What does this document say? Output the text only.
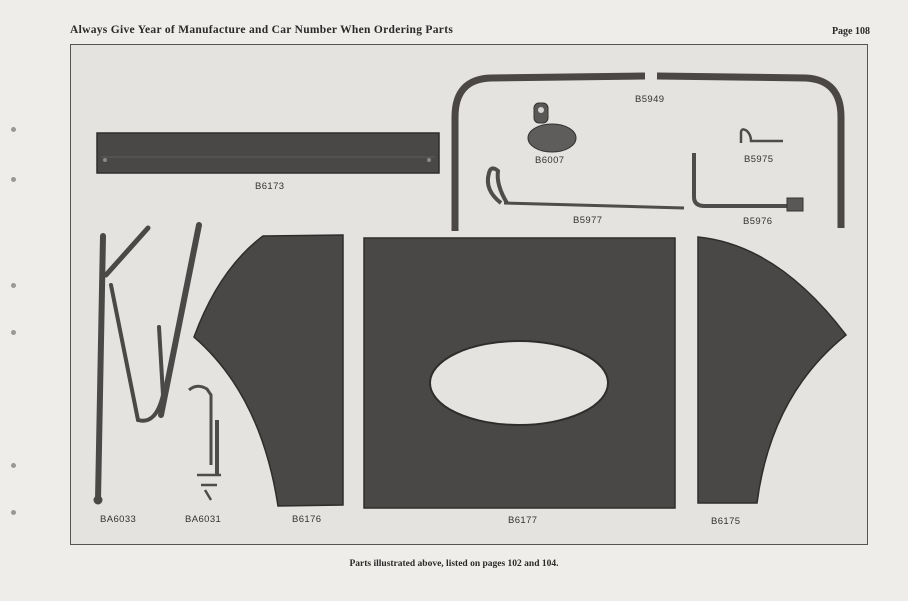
Always Give Year of Manufacture and Car Number When Ordering Parts	Page 108
B6173
B5949
B6007	B5975
B5977	B5976
BA6033	BA6031	B6176	B6177	B6175
Parts illustrated above, listed on pages 102 and 104.
